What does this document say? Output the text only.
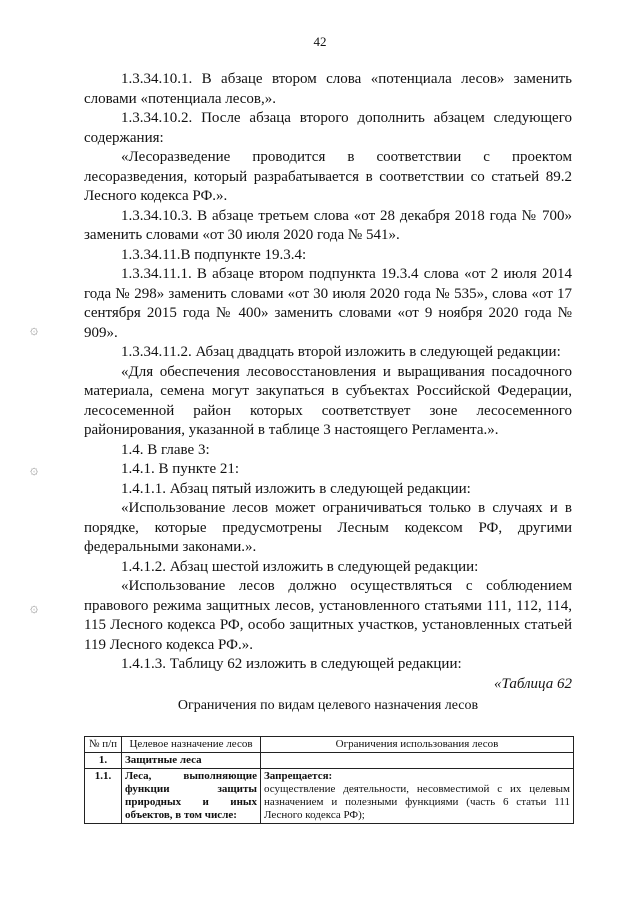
42
۞
۞
۞

1.3.34.10.1. В абзаце втором слова «потенциала лесов» заменить словами «потенциала лесов,».

1.3.34.10.2. После абзаца второго дополнить абзацем следующего содержания:

«Лесоразведение проводится в соответствии с проектом лесоразведения, который разрабатывается в соответствии со статьей 89.2 Лесного кодекса РФ.».

1.3.34.10.3. В абзаце третьем слова «от 28 декабря 2018 года № 700» заменить словами «от 30 июля 2020 года № 541».

1.3.34.11.В подпункте 19.3.4:

1.3.34.11.1. В абзаце втором подпункта 19.3.4 слова «от 2 июля 2014 года № 298» заменить словами «от 30 июля 2020 года № 535», слова «от 17 сентября 2015 года № 400» заменить словами «от 9 ноября 2020 года № 909».

1.3.34.11.2. Абзац двадцать второй изложить в следующей редакции:

«Для обеспечения лесовосстановления и выращивания посадочного материала, семена могут закупаться в субъектах Российской Федерации, лесосеменной район которых соответствует зоне лесосеменного районирования, указанной в таблице 3 настоящего Регламента.».

1.4. В главе 3:

1.4.1. В пункте 21:

1.4.1.1. Абзац пятый изложить в следующей редакции:

«Использование лесов может ограничиваться только в случаях и в порядке, которые предусмотрены Лесным кодексом РФ, другими федеральными законами.».

1.4.1.2. Абзац шестой изложить в следующей редакции:

«Использование лесов должно осуществляться с соблюдением правового режима защитных лесов, установленного статьями 111, 112, 114, 115 Лесного кодекса РФ, особо защитных участков, установленных статьей 119 Лесного кодекса РФ.».

1.4.1.3. Таблицу 62 изложить в следующей редакции:

«Таблица 62

Ограничения по видам целевого назначения лесов

№ п/п	Целевое назначение лесов	Ограничения использования лесов
1.	Защитные леса	
1.1.	Леса, выполняющие функции защиты природных и иных объектов, в том числе:	Запрещается:
осуществление деятельности, несовместимой с их целевым назначением и полезными функциями (часть 6 статьи 111 Лесного кодекса РФ);
